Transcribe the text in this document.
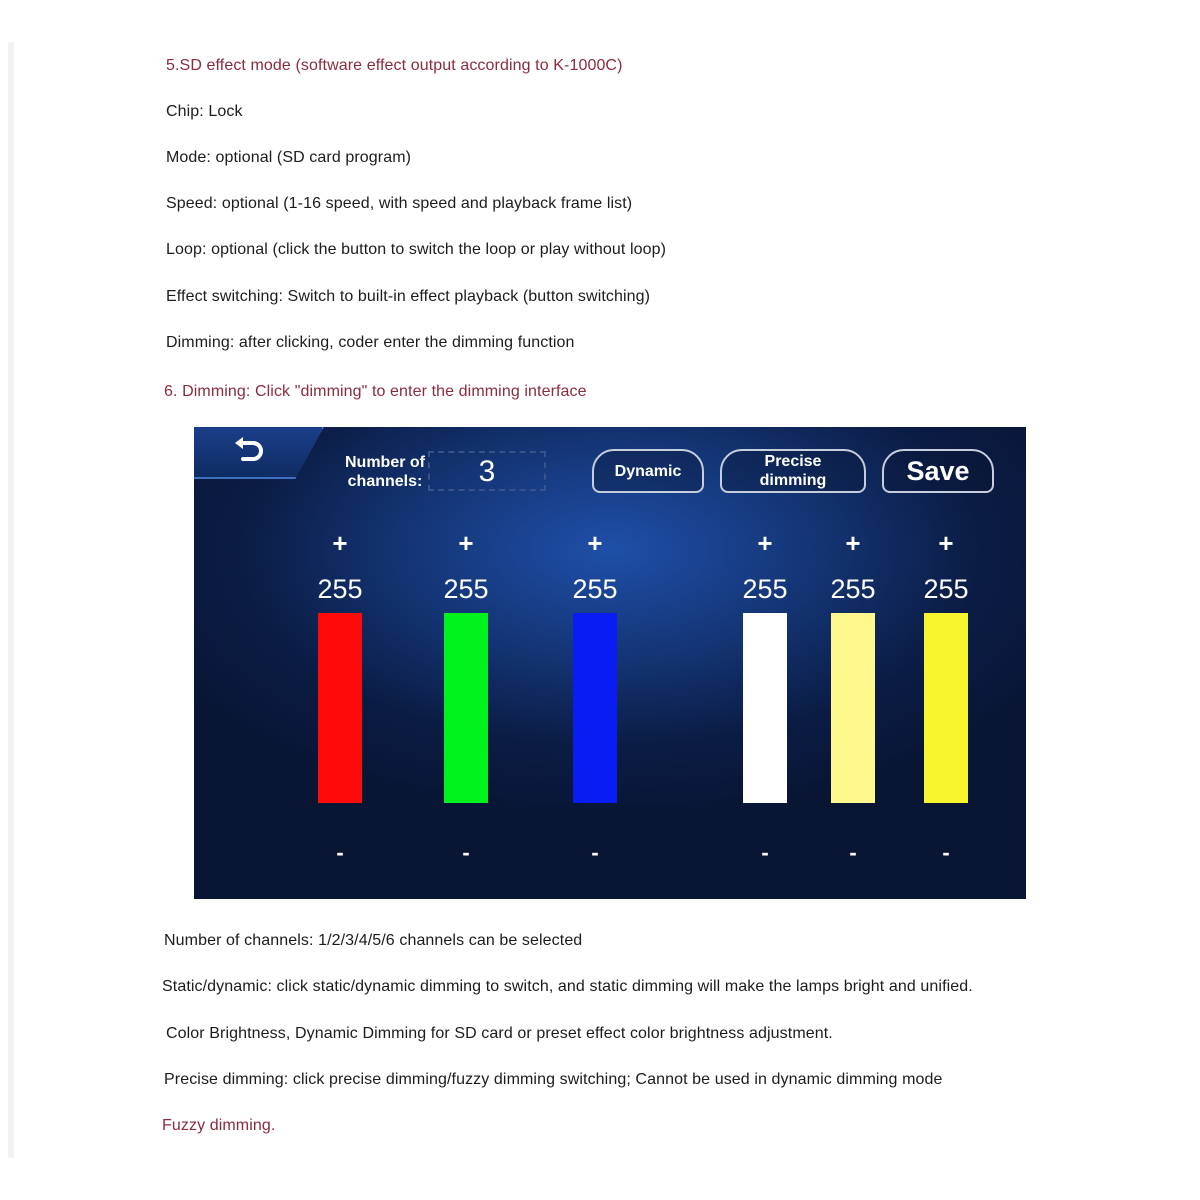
5.SD effect mode (software effect output according to K-1000C)
Chip: Lock
Mode: optional (SD card program)
Speed: optional (1-16 speed, with speed and playback frame list)
Loop: optional (click the button to switch the loop or play without loop)
Effect switching: Switch to built-in effect playback (button switching)
Dimming: after clicking, coder enter the dimming function
6. Dimming: Click "dimming" to enter the dimming interface
Number of
channels:	3	Dynamic
Precise
dimming	Save
+
255
-
+
255
-
+
255
-
+
255
-
+
255
-
+
255
-
Number of channels: 1/2/3/4/5/6 channels can be selected
Static/dynamic: click static/dynamic dimming to switch, and static dimming will make the lamps bright and unified.
Color Brightness, Dynamic Dimming for SD card or preset effect color brightness adjustment.
Precise dimming: click precise dimming/fuzzy dimming switching; Cannot be used in dynamic dimming mode
Fuzzy dimming.
